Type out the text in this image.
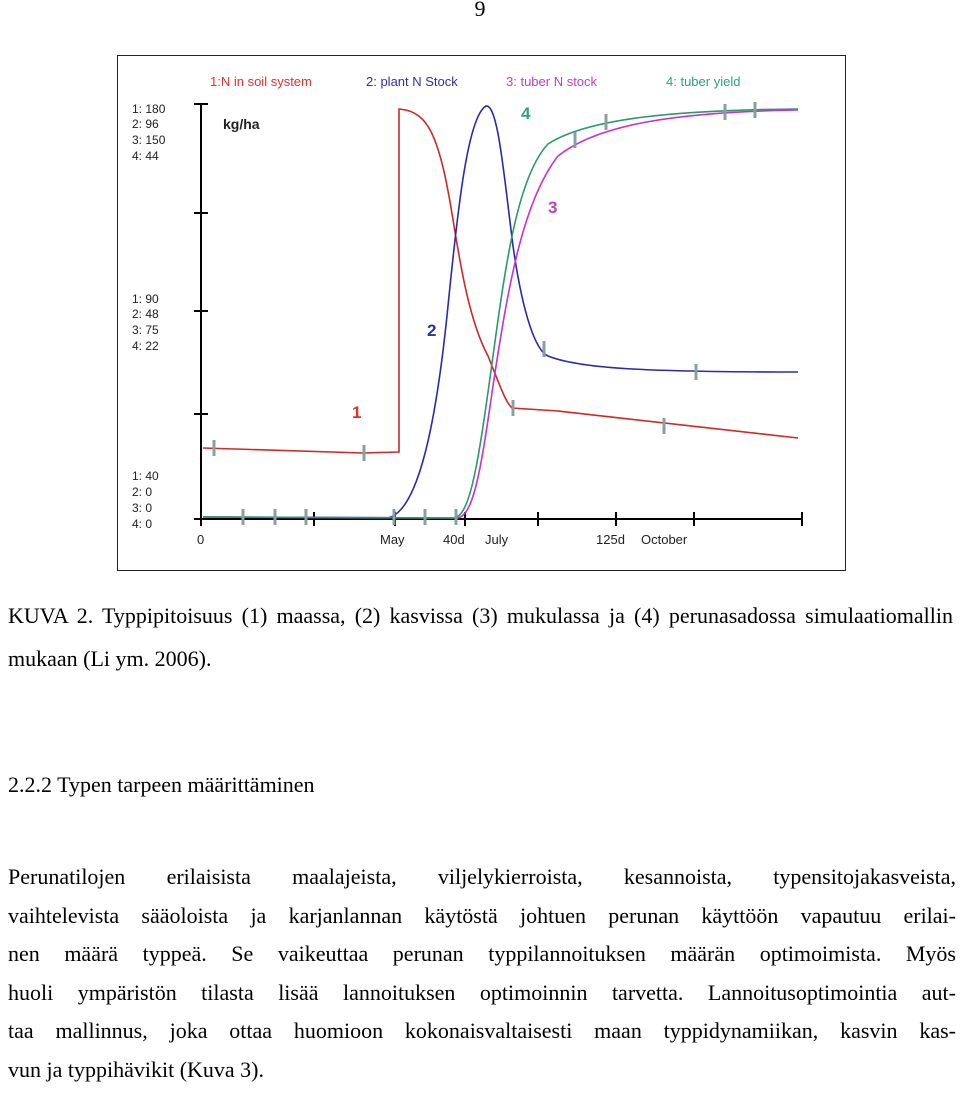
9
1:N in soil system	2: plant N Stock	3: tuber N stock	4: tuber yield
1: 180
2: 96
3: 150
4: 44
kg/ha
1: 90
2: 48
3: 75
4: 22
1: 40
2: 0
3: 0
4: 0
0	May	40d July	125d October
1
2
3
4
KUVA 2. Typpipitoisuus (1) maassa, (2) kasvissa (3) mukulassa ja (4) perunasadossa simulaatiomallin mukaan (Li ym. 2006).
2.2.2 Typen tarpeen määrittäminen
Perunatilojen erilaisista maalajeista, viljelykierroista, kesannoista, typensitojakasveista,
vaihtelevista sääoloista ja karjanlannan käytöstä johtuen perunan käyttöön vapautuu erilai-
nen määrä typpeä. Se vaikeuttaa perunan typpilannoituksen määrän optimoimista. Myös
huoli ympäristön tilasta lisää lannoituksen optimoinnin tarvetta. Lannoitusoptimointia aut-
taa mallinnus, joka ottaa huomioon kokonaisvaltaisesti maan typpidynamiikan, kasvin kas-
vun ja typpihävikit (Kuva 3).
